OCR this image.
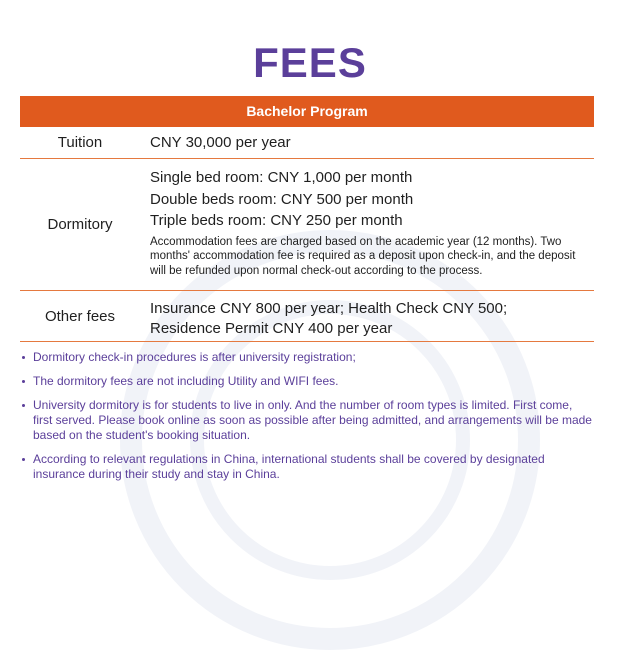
FEES
Bachelor Program
Tuition	CNY 30,000 per year
Dormitory
Single bed room: CNY 1,000 per month
Double beds room: CNY 500 per month
Triple beds room: CNY 250 per month
Accommodation fees are charged based on the academic year (12 months). Two months' accommodation fee is required as a deposit upon check-in, and the deposit will be refunded upon normal check-out according to the process.
Other fees	Insurance CNY 800 per year; Health Check CNY 500;
Residence Permit CNY 400 per year
Dormitory check-in procedures is after university registration;
The dormitory fees are not including Utility and WIFI fees.
University dormitory is for students to live in only. And the number of room types is limited. First come, first served. Please book online as soon as possible after being admitted, and arrangements will be made based on the student's booking situation.
According to relevant regulations in China, international students shall be covered by designated insurance during their study and stay in China.
